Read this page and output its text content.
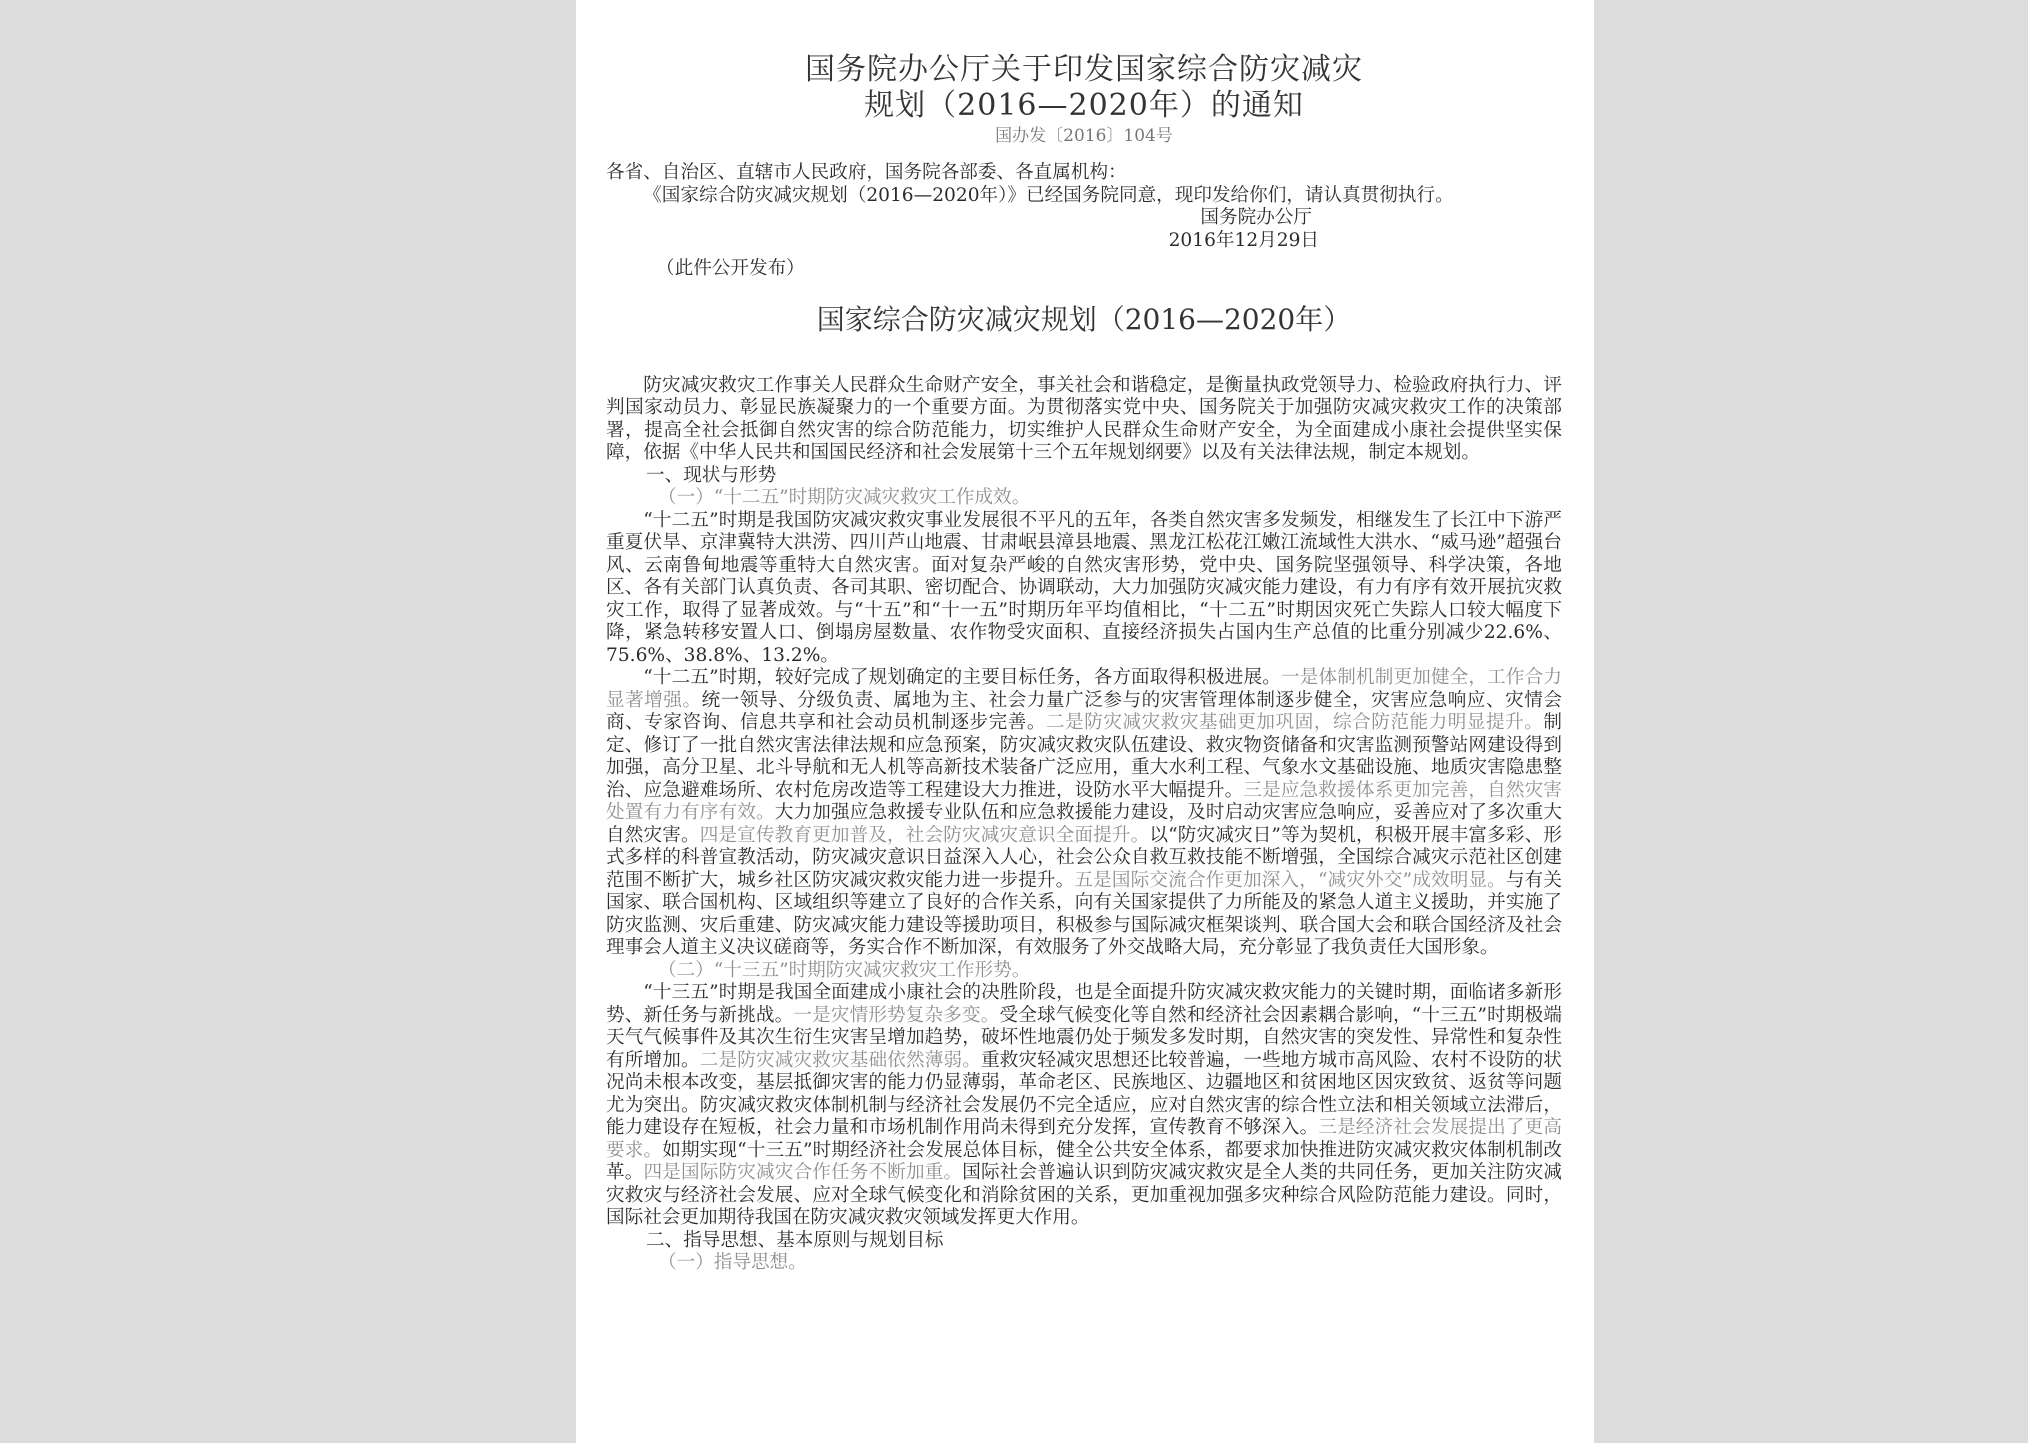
国务院办公厅关于印发国家综合防灾减灾
规划（2016—2020年）的通知
国办发〔2016〕104号

各省、自治区、直辖市人民政府，国务院各部委、各直属机构：

《国家综合防灾减灾规划（2016—2020年）》已经国务院同意，现印发给你们，请认真贯彻执行。

国务院办公厅

2016年12月29日

（此件公开发布）

国家综合防灾减灾规划（2016—2020年）

防灾减灾救灾工作事关人民群众生命财产安全，事关社会和谐稳定，是衡量执政党领导力、检验政府执行力、评判国家动员力、彰显民族凝聚力的一个重要方面。为贯彻落实党中央、国务院关于加强防灾减灾救灾工作的决策部署，提高全社会抵御自然灾害的综合防范能力，切实维护人民群众生命财产安全，为全面建成小康社会提供坚实保障，依据《中华人民共和国国民经济和社会发展第十三个五年规划纲要》以及有关法律法规，制定本规划。

一、现状与形势

（一）“十二五”时期防灾减灾救灾工作成效。

“十二五”时期是我国防灾减灾救灾事业发展很不平凡的五年，各类自然灾害多发频发，相继发生了长江中下游严重夏伏旱、京津冀特大洪涝、四川芦山地震、甘肃岷县漳县地震、黑龙江松花江嫩江流域性大洪水、“威马逊”超强台风、云南鲁甸地震等重特大自然灾害。面对复杂严峻的自然灾害形势，党中央、国务院坚强领导、科学决策，各地区、各有关部门认真负责、各司其职、密切配合、协调联动，大力加强防灾减灾能力建设，有力有序有效开展抗灾救灾工作，取得了显著成效。与“十五”和“十一五”时期历年平均值相比，“十二五”时期因灾死亡失踪人口较大幅度下降，紧急转移安置人口、倒塌房屋数量、农作物受灾面积、直接经济损失占国内生产总值的比重分别减少22.6%、75.6%、38.8%、13.2%。

“十二五”时期，较好完成了规划确定的主要目标任务，各方面取得积极进展。一是体制机制更加健全，工作合力显著增强。统一领导、分级负责、属地为主、社会力量广泛参与的灾害管理体制逐步健全，灾害应急响应、灾情会商、专家咨询、信息共享和社会动员机制逐步完善。二是防灾减灾救灾基础更加巩固，综合防范能力明显提升。制定、修订了一批自然灾害法律法规和应急预案，防灾减灾救灾队伍建设、救灾物资储备和灾害监测预警站网建设得到加强，高分卫星、北斗导航和无人机等高新技术装备广泛应用，重大水利工程、气象水文基础设施、地质灾害隐患整治、应急避难场所、农村危房改造等工程建设大力推进，设防水平大幅提升。三是应急救援体系更加完善，自然灾害处置有力有序有效。大力加强应急救援专业队伍和应急救援能力建设，及时启动灾害应急响应，妥善应对了多次重大自然灾害。四是宣传教育更加普及，社会防灾减灾意识全面提升。以“防灾减灾日”等为契机，积极开展丰富多彩、形式多样的科普宣教活动，防灾减灾意识日益深入人心，社会公众自救互救技能不断增强，全国综合减灾示范社区创建范围不断扩大，城乡社区防灾减灾救灾能力进一步提升。五是国际交流合作更加深入，“减灾外交”成效明显。与有关国家、联合国机构、区域组织等建立了良好的合作关系，向有关国家提供了力所能及的紧急人道主义援助，并实施了防灾监测、灾后重建、防灾减灾能力建设等援助项目，积极参与国际减灾框架谈判、联合国大会和联合国经济及社会理事会人道主义决议磋商等，务实合作不断加深，有效服务了外交战略大局，充分彰显了我负责任大国形象。

（二）“十三五”时期防灾减灾救灾工作形势。

“十三五”时期是我国全面建成小康社会的决胜阶段，也是全面提升防灾减灾救灾能力的关键时期，面临诸多新形势、新任务与新挑战。一是灾情形势复杂多变。受全球气候变化等自然和经济社会因素耦合影响，“十三五”时期极端天气气候事件及其次生衍生灾害呈增加趋势，破坏性地震仍处于频发多发时期，自然灾害的突发性、异常性和复杂性有所增加。二是防灾减灾救灾基础依然薄弱。重救灾轻减灾思想还比较普遍，一些地方城市高风险、农村不设防的状况尚未根本改变，基层抵御灾害的能力仍显薄弱，革命老区、民族地区、边疆地区和贫困地区因灾致贫、返贫等问题尤为突出。防灾减灾救灾体制机制与经济社会发展仍不完全适应，应对自然灾害的综合性立法和相关领域立法滞后，能力建设存在短板，社会力量和市场机制作用尚未得到充分发挥，宣传教育不够深入。三是经济社会发展提出了更高要求。如期实现“十三五”时期经济社会发展总体目标，健全公共安全体系，都要求加快推进防灾减灾救灾体制机制改革。四是国际防灾减灾合作任务不断加重。国际社会普遍认识到防灾减灾救灾是全人类的共同任务，更加关注防灾减灾救灾与经济社会发展、应对全球气候变化和消除贫困的关系，更加重视加强多灾种综合风险防范能力建设。同时，国际社会更加期待我国在防灾减灾救灾领域发挥更大作用。

二、指导思想、基本原则与规划目标

（一）指导思想。
